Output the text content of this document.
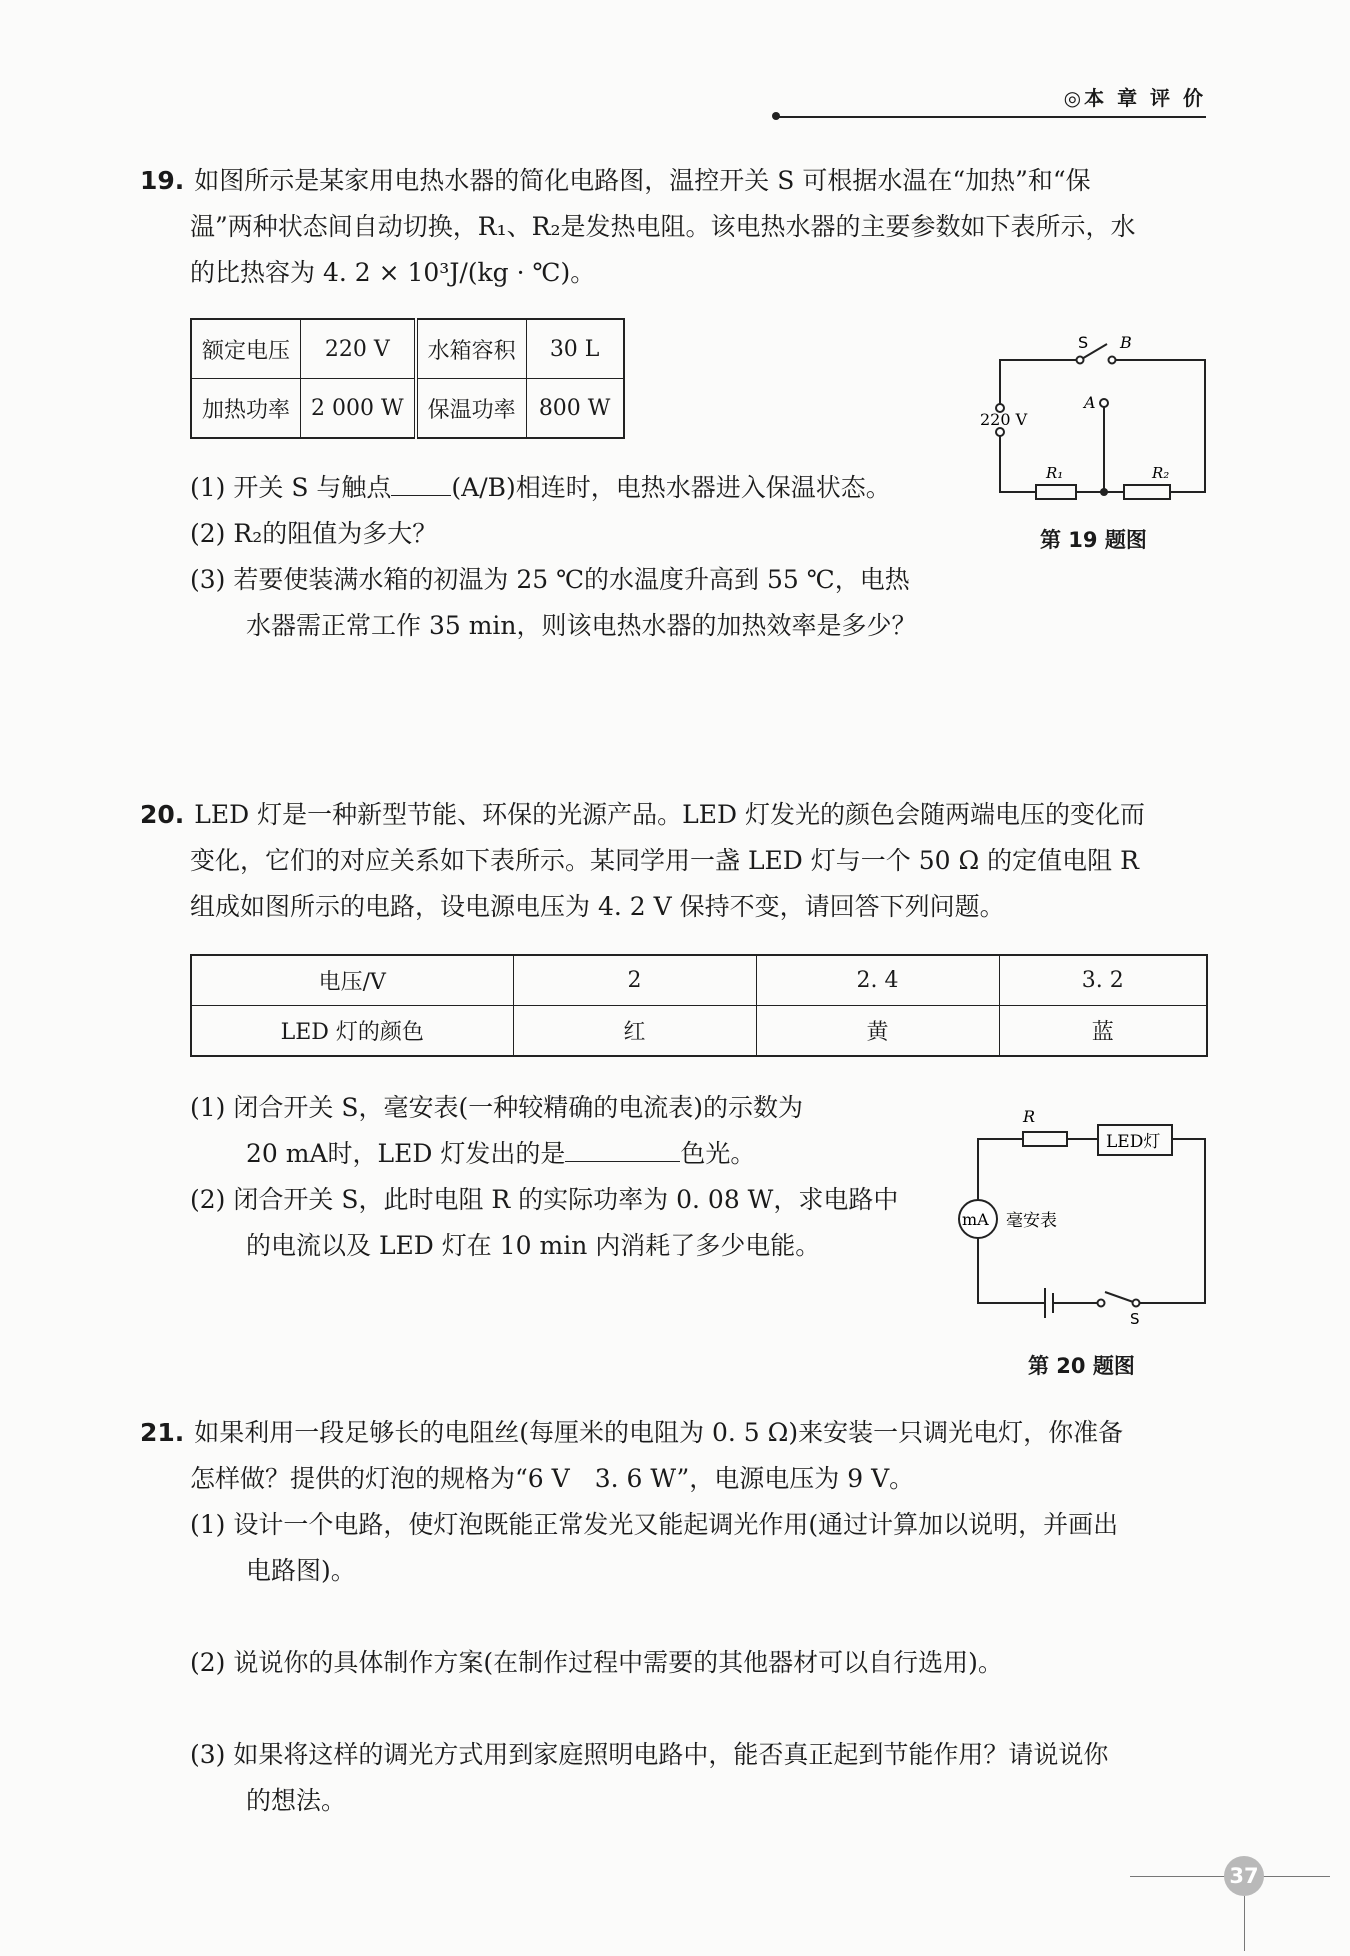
◎本 章 评 价
19. 如图所示是某家用电热水器的简化电路图，温控开关 S 可根据水温在“加热”和“保
温”两种状态间自动切换，R₁、R₂是发热电阻。该电热水器的主要参数如下表所示，水
的比热容为 4. 2 × 10³J/(kg · ℃)。
额定电压	220 V	水箱容积	30 L
加热功率	2 000 W	保温功率	800 W
(1) 开关 S 与触点 (A/B)相连时，电热水器进入保温状态。
(2) R₂的阻值为多大？
(3) 若要使装满水箱的初温为 25 ℃的水温度升高到 55 ℃，电热
水器需正常工作 35 min，则该电热水器的加热效率是多少？
S B
A
220 V
R₁	R₂
第 19 题图
20. LED 灯是一种新型节能、环保的光源产品。LED 灯发光的颜色会随两端电压的变化而
变化，它们的对应关系如下表所示。某同学用一盏 LED 灯与一个 50 Ω 的定值电阻 R
组成如图所示的电路，设电源电压为 4. 2 V 保持不变，请回答下列问题。
电压/V	2	2. 4	3. 2
LED 灯的颜色	红	黄	蓝
(1) 闭合开关 S，毫安表(一种较精确的电流表)的示数为
20 mA时，LED 灯发出的是	色光。
(2) 闭合开关 S，此时电阻 R 的实际功率为 0. 08 W，求电路中
的电流以及 LED 灯在 10 min 内消耗了多少电能。
R
LED灯
mA 毫安表
S
第 20 题图
21. 如果利用一段足够长的电阻丝(每厘米的电阻为 0. 5 Ω)来安装一只调光电灯，你准备
怎样做？提供的灯泡的规格为“6 V　3. 6 W”，电源电压为 9 V。
(1) 设计一个电路，使灯泡既能正常发光又能起调光作用(通过计算加以说明，并画出
电路图)。
(2) 说说你的具体制作方案(在制作过程中需要的其他器材可以自行选用)。
(3) 如果将这样的调光方式用到家庭照明电路中，能否真正起到节能作用？请说说你
的想法。
37
